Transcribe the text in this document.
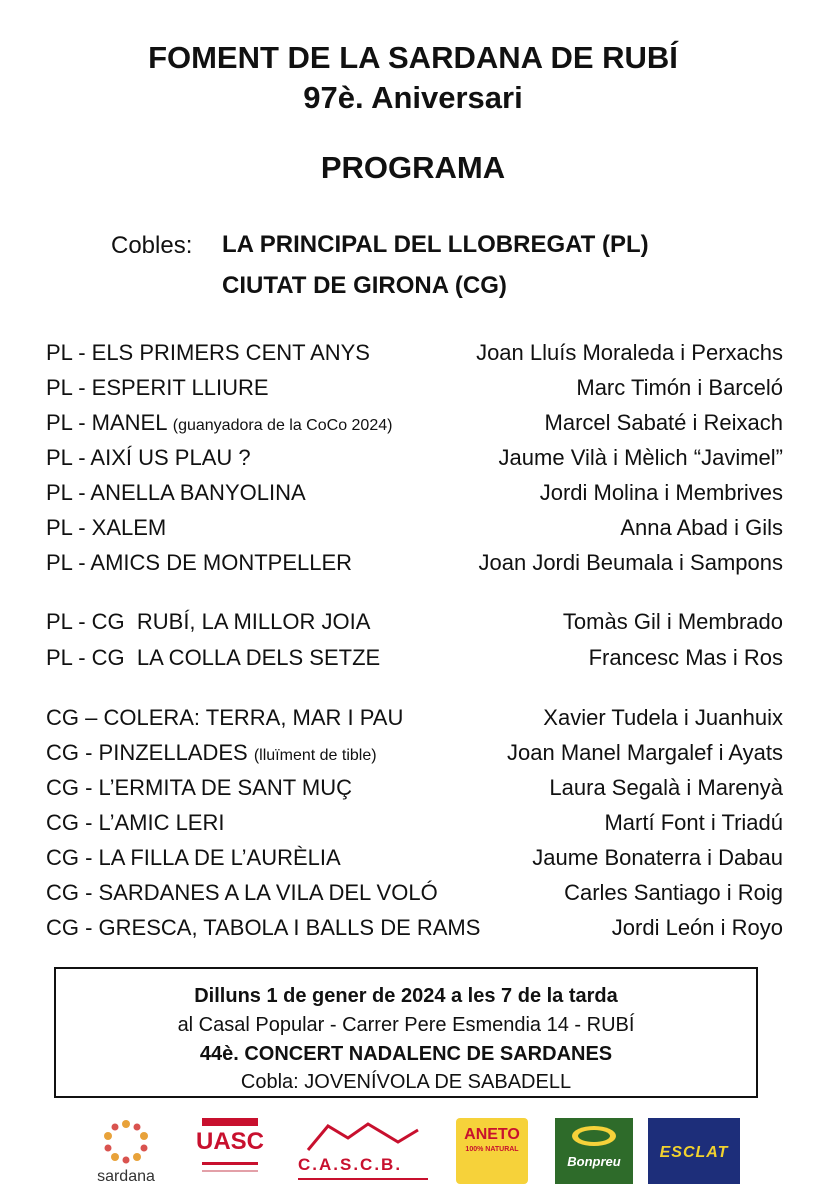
FOMENT DE LA SARDANA DE RUBÍ
97è. Aniversari
PROGRAMA
Cobles: LA PRINCIPAL DEL LLOBREGAT (PL)
CIUTAT DE GIRONA (CG)
PL - ELS PRIMERS CENT ANYS	Joan Lluís Moraleda i Perxachs
PL - ESPERIT LLIURE	Marc Timón i Barceló
PL - MANEL (guanyadora de la CoCo 2024)	Marcel Sabaté i Reixach
PL - AIXÍ US PLAU ?	Jaume Vilà i Mèlich “Javimel”
PL - ANELLA BANYOLINA	Jordi Molina i Membrives
PL - XALEM	Anna Abad i Gils
PL - AMICS DE MONTPELLER	Joan Jordi Beumala i Sampons
PL - CG  RUBÍ, LA MILLOR JOIA	Tomàs Gil i Membrado
PL - CG  LA COLLA DELS SETZE	Francesc Mas i Ros
CG – COLERA: TERRA, MAR I PAU	Xavier Tudela i Juanhuix
CG - PINZELLADES (lluïment de tible)	Joan Manel Margalef i Ayats
CG - L’ERMITA DE SANT MUÇ	Laura Segalà i Marenyà
CG - L’AMIC LERI	Martí Font i Triadú
CG - LA FILLA DE L’AURÈLIA	Jaume Bonaterra i Dabau
CG - SARDANES A LA VILA DEL VOLÓ	Carles Santiago i Roig
CG - GRESCA, TABOLA I BALLS DE RAMS	Jordi León i Royo
Dilluns 1 de gener de 2024 a les 7 de la tarda
al Casal Popular - Carrer Pere Esmendia 14 - RUBÍ
44è. CONCERT NADALENC DE SARDANES
Cobla: JOVENÍVOLA DE SABADELL
sardana
UASC
C.A.S.C.B.
ANETO
100% NATURAL
Bonpreu
ESCLAT
